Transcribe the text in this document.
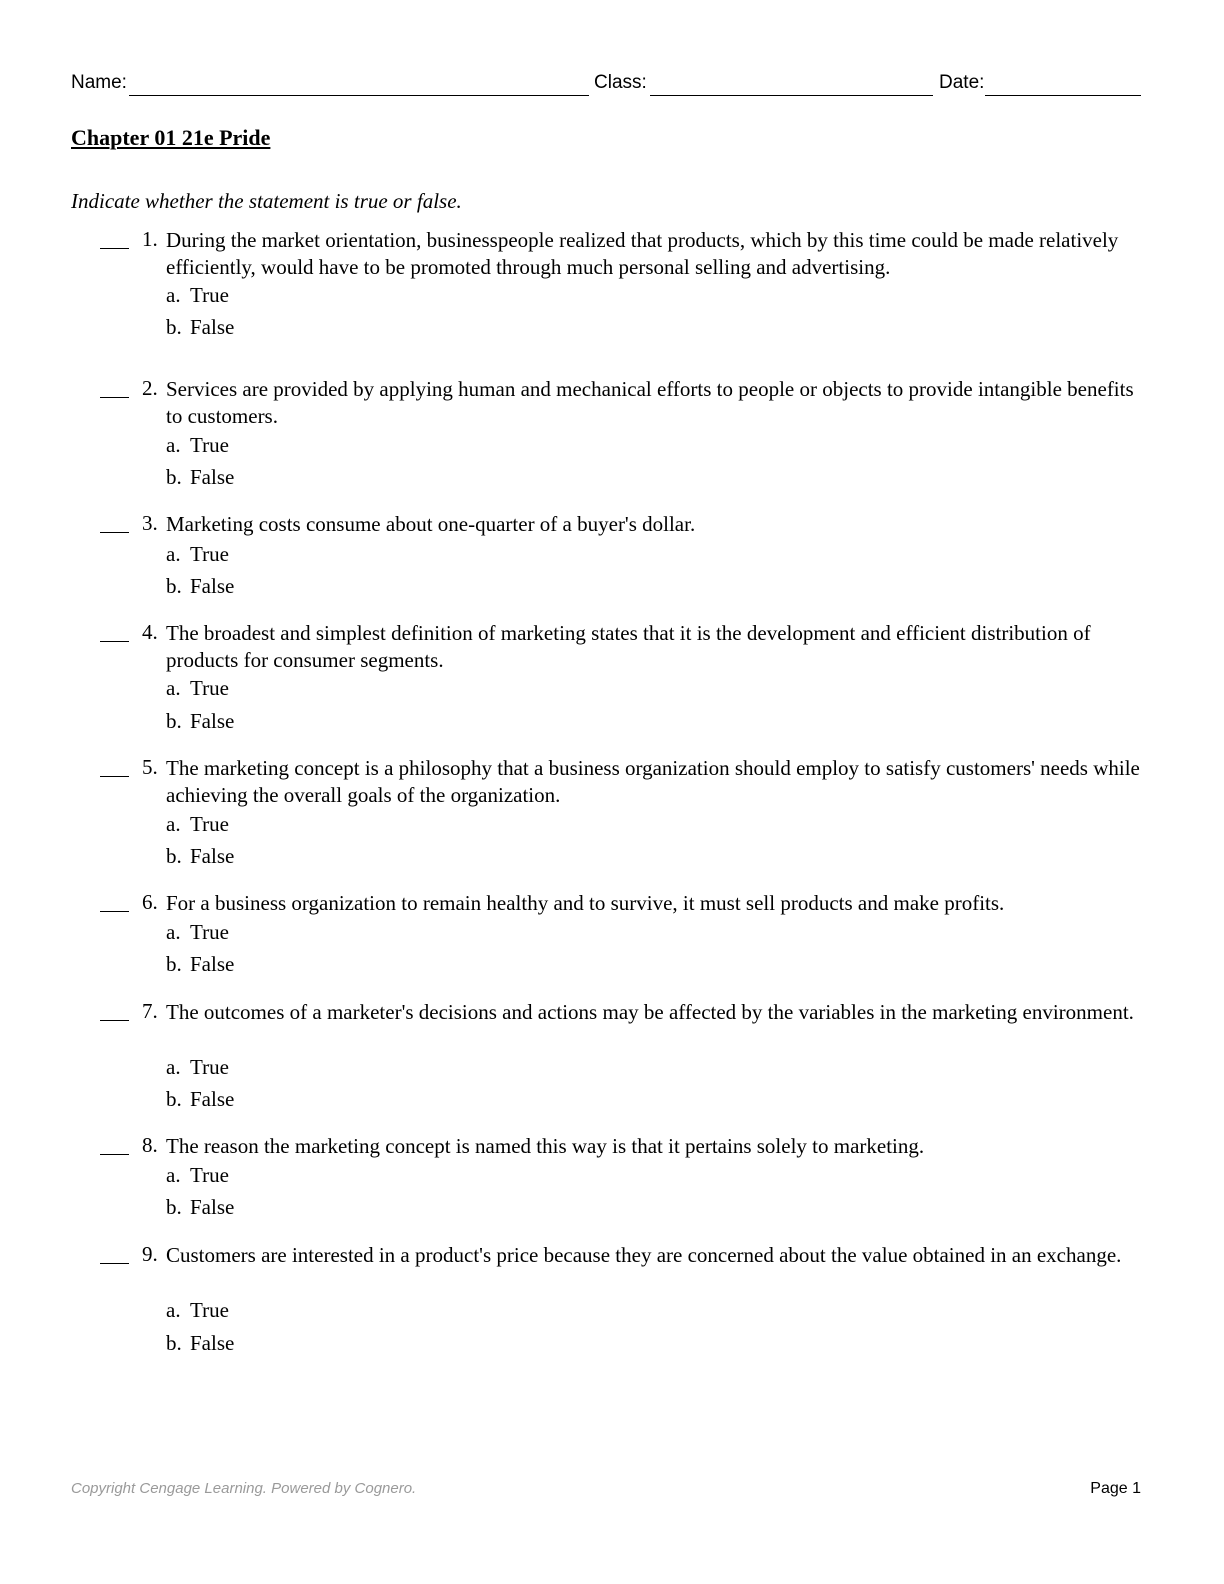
Name:	Class:	Date:
Chapter 01 21e Pride
Indicate whether the statement is true or false.
1. During the market orientation, businesspeople realized that products, which by this time could be made relatively efficiently, would have to be promoted through much personal selling and advertising.
a. True
b. False
2. Services are provided by applying human and mechanical efforts to people or objects to provide intangible benefits to customers.
a. True
b. False
3. Marketing costs consume about one-quarter of a buyer's dollar.
a. True
b. False
4. The broadest and simplest definition of marketing states that it is the development and efficient distribution of products for consumer segments.
a. True
b. False
5. The marketing concept is a philosophy that a business organization should employ to satisfy customers' needs while achieving the overall goals of the organization.
a. True
b. False
6. For a business organization to remain healthy and to survive, it must sell products and make profits.
a. True
b. False
7. The outcomes of a marketer's decisions and actions may be affected by the variables in the marketing environment.
a. True
b. False
8. The reason the marketing concept is named this way is that it pertains solely to marketing.
a. True
b. False
9. Customers are interested in a product's price because they are concerned about the value obtained in an exchange.
a. True
b. False
Copyright Cengage Learning. Powered by Cognero.	Page 1
